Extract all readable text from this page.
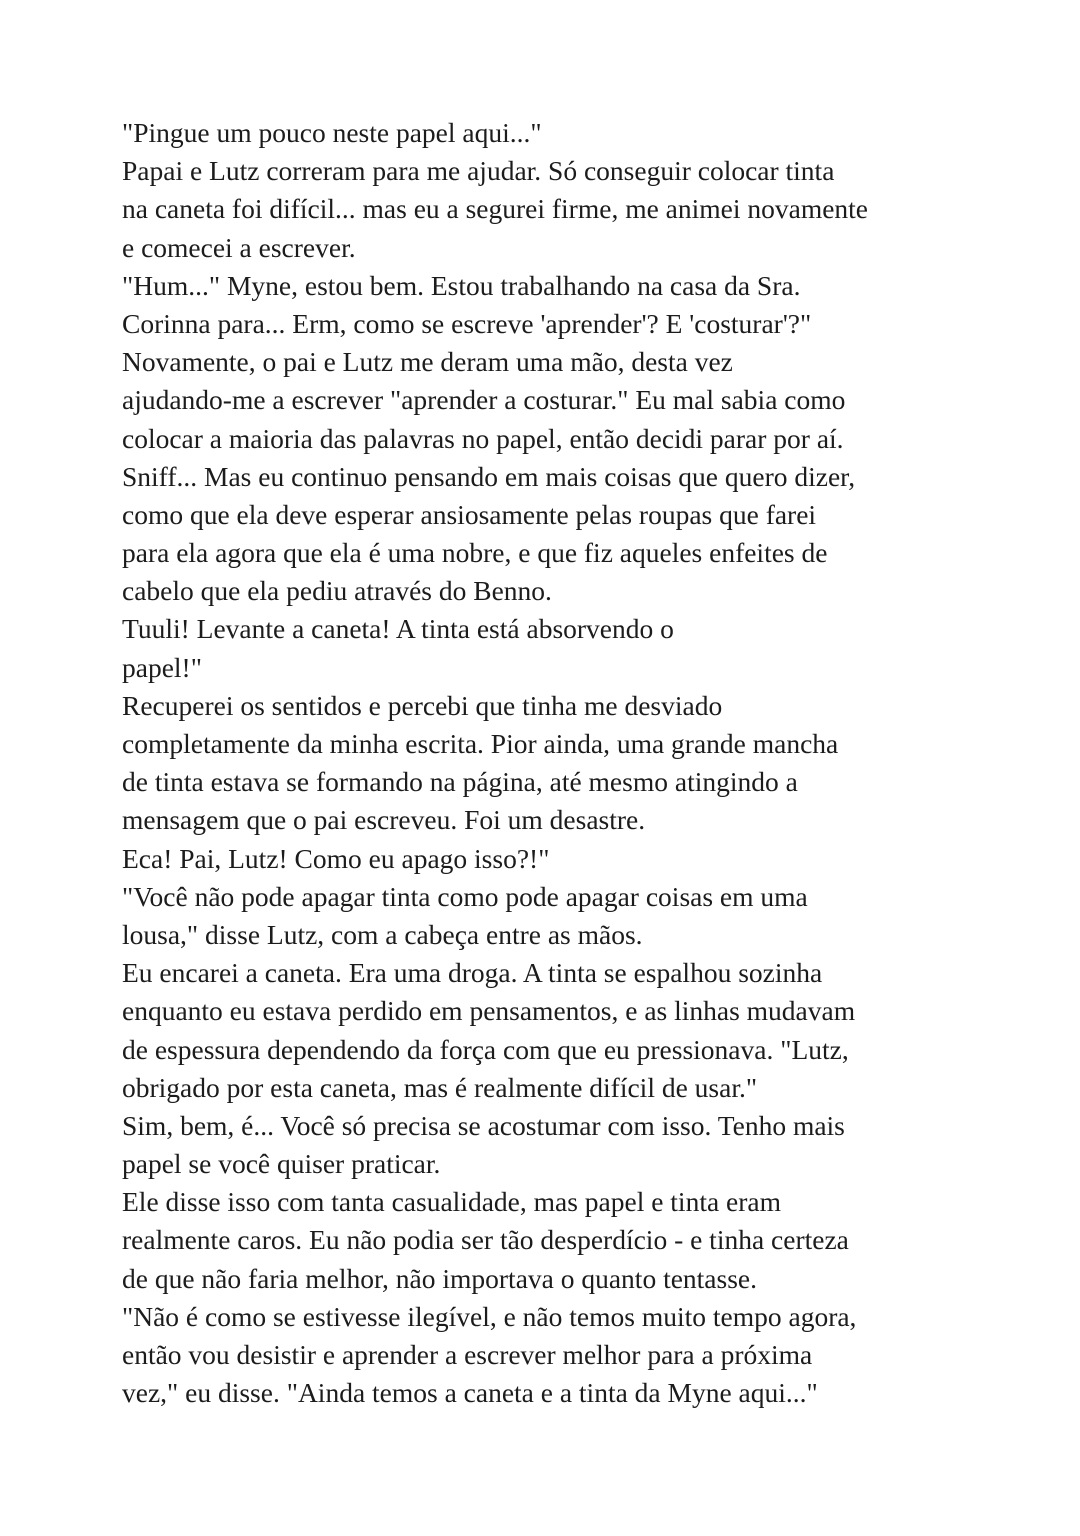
"Pingue um pouco neste papel aqui..."
Papai e Lutz correram para me ajudar. Só conseguir colocar tinta
na caneta foi difícil... mas eu a segurei firme, me animei novamente
e comecei a escrever.
"Hum..." Myne, estou bem. Estou trabalhando na casa da Sra.
Corinna para... Erm, como se escreve 'aprender'? E 'costurar'?"
Novamente, o pai e Lutz me deram uma mão, desta vez
ajudando-me a escrever "aprender a costurar." Eu mal sabia como
colocar a maioria das palavras no papel, então decidi parar por aí.
Sniff... Mas eu continuo pensando em mais coisas que quero dizer,
como que ela deve esperar ansiosamente pelas roupas que farei
para ela agora que ela é uma nobre, e que fiz aqueles enfeites de
cabelo que ela pediu através do Benno.
Tuuli! Levante a caneta! A tinta está absorvendo o
papel!"
Recuperei os sentidos e percebi que tinha me desviado
completamente da minha escrita. Pior ainda, uma grande mancha
de tinta estava se formando na página, até mesmo atingindo a
mensagem que o pai escreveu. Foi um desastre.
Eca! Pai, Lutz! Como eu apago isso?!"
"Você não pode apagar tinta como pode apagar coisas em uma
lousa," disse Lutz, com a cabeça entre as mãos.
Eu encarei a caneta. Era uma droga. A tinta se espalhou sozinha
enquanto eu estava perdido em pensamentos, e as linhas mudavam
de espessura dependendo da força com que eu pressionava. "Lutz,
obrigado por esta caneta, mas é realmente difícil de usar."
Sim, bem, é... Você só precisa se acostumar com isso. Tenho mais
papel se você quiser praticar.
Ele disse isso com tanta casualidade, mas papel e tinta eram
realmente caros. Eu não podia ser tão desperdício - e tinha certeza
de que não faria melhor, não importava o quanto tentasse.
"Não é como se estivesse ilegível, e não temos muito tempo agora,
então vou desistir e aprender a escrever melhor para a próxima
vez," eu disse. "Ainda temos a caneta e a tinta da Myne aqui..."
